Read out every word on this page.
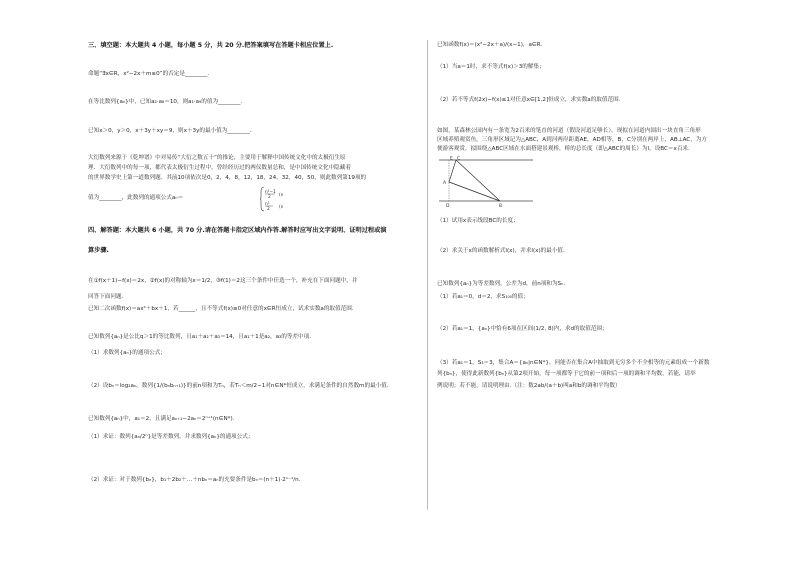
三、填空题：本大题共 4 小题，每小题 5 分，共 20 分.把答案填写在答题卡相应位置上.
命题“∃x∈R，x²−2x＋m≤0”的否定是________.
在等比数列{aₙ}中，已知a₂·a₈＝10，则a₁·a₉的值为________.
已知x＞0，y＞0，x＋3y＋xy＝9，则x＋3y的最小值为________.
大衍数列来源于《乾坤谱》中对易传“大衍之数五十”的推论，主要用于解释中国传统文化中的太极衍生原
理．大衍数列中的每一项，都代表太极衍生过程中，曾经经历过的两仪数量总和，是中国传统文化中隐藏着
的世界数学史上第一道数列题．其前10项依次是0，2，4，8，12，18，24，32，40，50，则此数列第19项的
值为________，此数列的通项公式aₙ＝
n²−1
2 (n
n²
2 (n
四、解答题：本大题共 6 小题，共 70 分.请在答题卡指定区域内作答.解答时应写出文字说明、证明过程或演
算步骤.
在①f(x＋1)−f(x)＝2x，②f(x)的对称轴为x＝1/2，③f(1)＝2这三个条件中任选一个，补充在下面问题中，并
回答下面问题.
已知二次函数f(x)＝ax²＋bx＋1，若______，且不等式f(x)≥0对任意的x∈R恒成立，试求实数a的取值范围.
已知数列{aₙ}是公比q＞1的等比数列，且a₁＋a₂＋a₃＝14，且a₁＋1是a₂，a₃的等差中项.
（1）求数列{aₙ}的通项公式；
（2）设bₙ＝log₂aₙ，数列{1/(bₙbₙ₊₁)}的前n项和为Tₙ，若Tₙ＜m/2−1对n∈N*恒成立，求满足条件的自然数m的最小值.
已知数列{aₙ}中，a₁＝2，且满足aₙ₊₁−2aₙ＝2ⁿ⁺¹(n∈N*).
（1）求证：数列{aₙ/2ⁿ}是等差数列，并求数列{aₙ}的通项公式；
（2）求证：对于数列{bₙ}，b₁＋2b₂＋…＋nbₙ＝aₙ的充要条件是bₙ＝(n＋1)·2ⁿ⁻¹/n.
已知函数f(x)＝(x²−2x＋a)/(x−1)，a∈R.
（1）当a＝1时，求不等式f(x)＞3的解集；
（2）若不等式f(2x)−f(x)≤1对任意x∈[1,2]恒成立，求实数a的取值范围.
如图，某森林公园内有一条宽为2百米的笔直的河道（假设河道足够长），现拟在河道内围出一块直角三角形
区域养殖观赏鱼，三角形区域记为△ABC，A到河两岸距离AE，AD相等，B，C分别在两岸上，AB⊥AC，为方
便游客观赏，拟围绕△ABC区域在水面搭建景观桥，桥的总长度（即△ABC的周长）为l，设BC＝x百米.
E C
A
D	B
（1）试用x表示线段BC的长度；
（2）求关于x的函数解析式l(x)，并求l(x)的最小值.
已知数列{aₙ}为等差数列，公差为d，前n项和为Sₙ.
（1）若a₁＝0，d＝2，求S₁₀₀的值；
（2）若a₁＝1，{aₙ}中恰有6项在区间(1/2, 8)内，求d的取值范围；
（3）若a₁＝1，S₃＝3，集合A＝{aₙ|n∈N*}，问能否在集合A中抽取到无穷多个不全相等的元素组成一个新数
列{bₙ}，使得此新数列{bₙ}从第2项开始，每一项都等于它的前一项和后一项的调和平均数，若能，请举
例说明；若不能，请说明理由.（注：数2ab/(a＋b)叫a和b的调和平均数）
